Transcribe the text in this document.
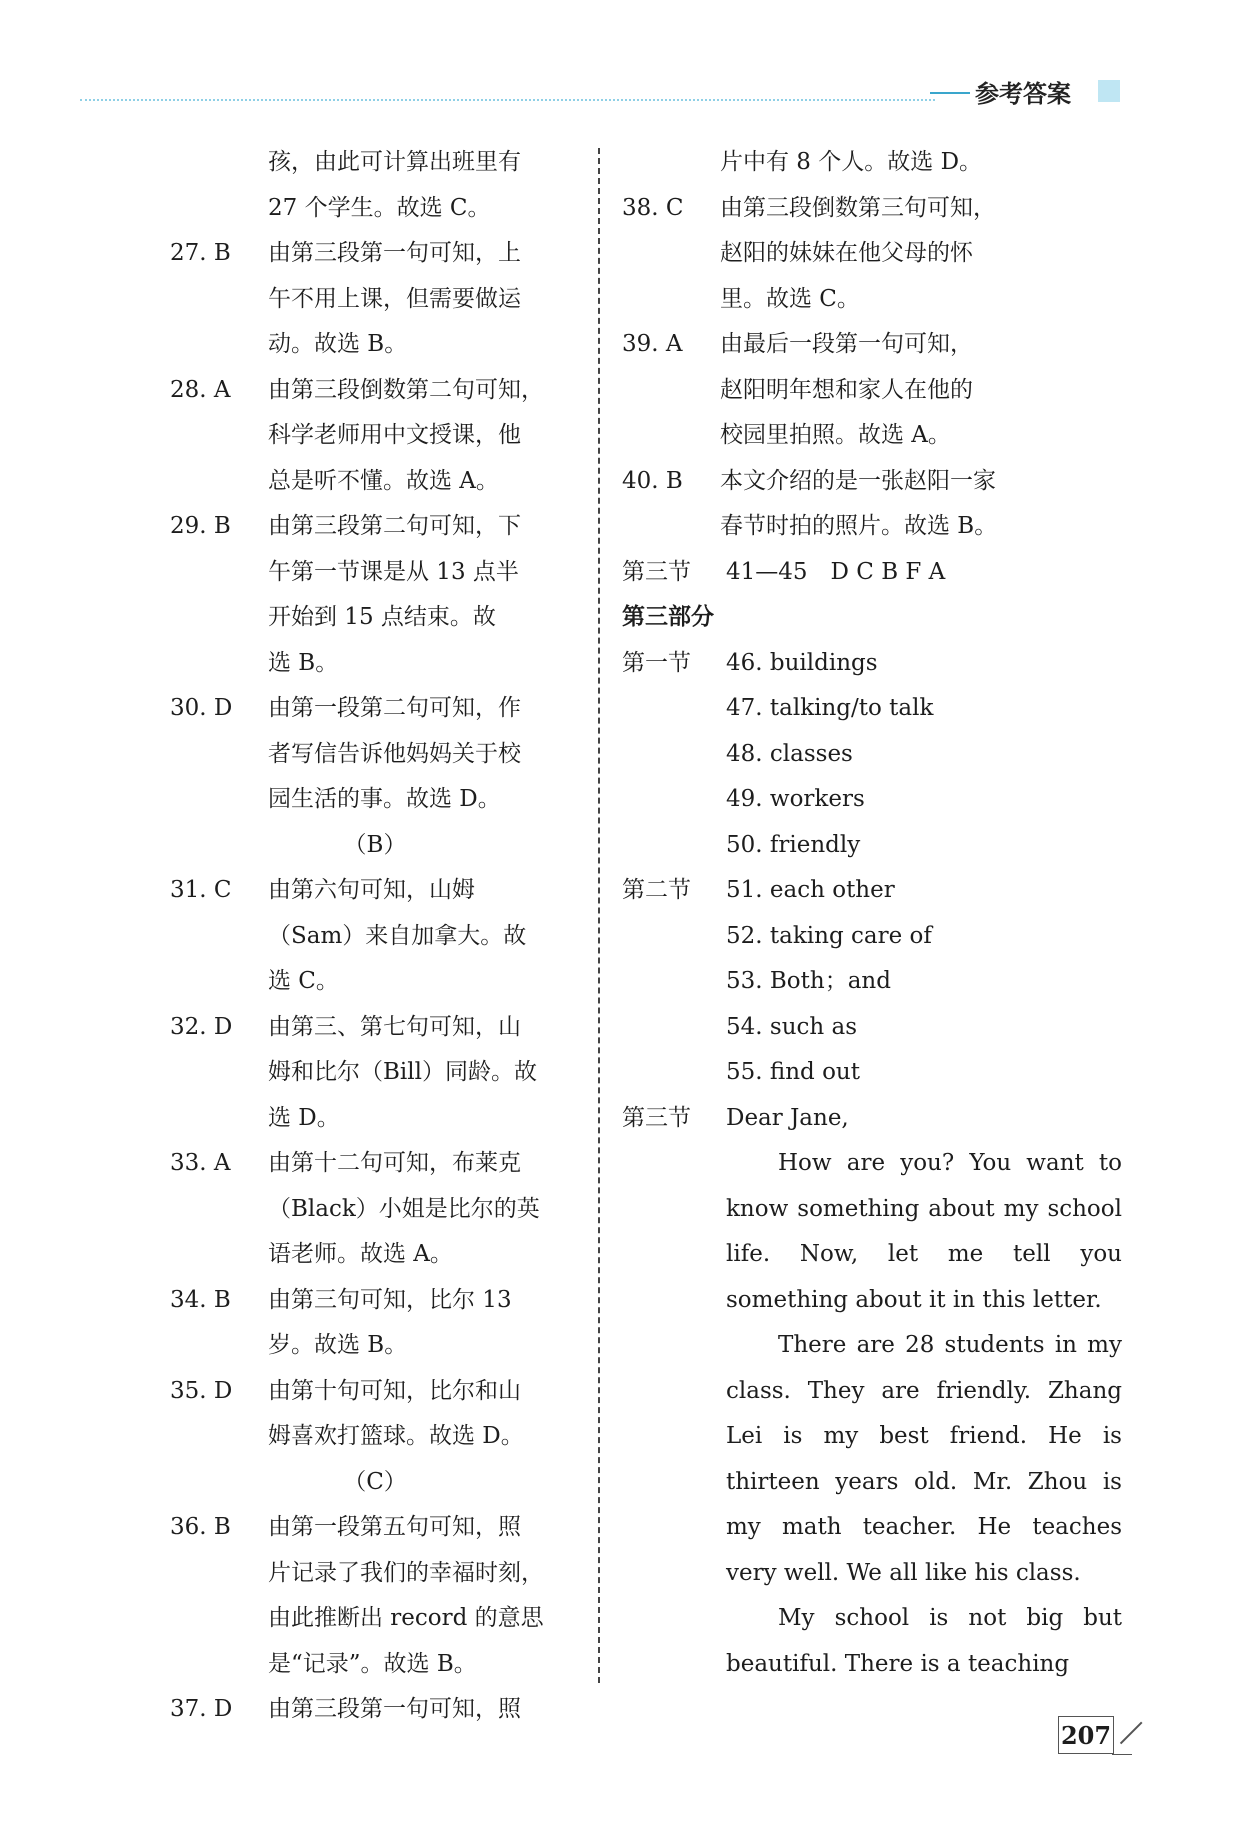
参考答案
孩，由此可计算出班里有
27 个学生。故选 C。
27. B	由第三段第一句可知，上
午不用上课，但需要做运
动。故选 B。
28. A	由第三段倒数第二句可知，
科学老师用中文授课，他
总是听不懂。故选 A。
29. B	由第三段第二句可知，下
午第一节课是从 13 点半
开始到 15 点结束。故
选 B。
30. D	由第一段第二句可知，作
者写信告诉他妈妈关于校
园生活的事。故选 D。
（B）
31. C	由第六句可知，山姆
（Sam）来自加拿大。故
选 C。
32. D	由第三、第七句可知，山
姆和比尔（Bill）同龄。故
选 D。
33. A	由第十二句可知，布莱克
（Black）小姐是比尔的英
语老师。故选 A。
34. B	由第三句可知，比尔 13
岁。故选 B。
35. D	由第十句可知，比尔和山
姆喜欢打篮球。故选 D。
（C）
36. B	由第一段第五句可知，照
片记录了我们的幸福时刻，
由此推断出 record 的意思
是“记录”。故选 B。
37. D	由第三段第一句可知，照
片中有 8 个人。故选 D。
38. C	由第三段倒数第三句可知，
赵阳的妹妹在他父母的怀
里。故选 C。
39. A	由最后一段第一句可知，
赵阳明年想和家人在他的
校园里拍照。故选 A。
40. B	本文介绍的是一张赵阳一家
春节时拍的照片。故选 B。
第三节	41—45　D C B F A
第三部分
第一节	46. buildings
47. talking/to talk
48. classes
49. workers
50. friendly
第二节	51. each other
52. taking care of
53. Both；and
54. such as
55. find out
第三节	Dear Jane,
How are you? You want to know something about my school life. Now, let me tell you something about it in this letter.
There are 28 students in my class. They are friendly. Zhang Lei is my best friend. He is thirteen years old. Mr. Zhou is my math teacher. He teaches very well. We all like his class.
My school is not big but beautiful. There is a teaching
207
